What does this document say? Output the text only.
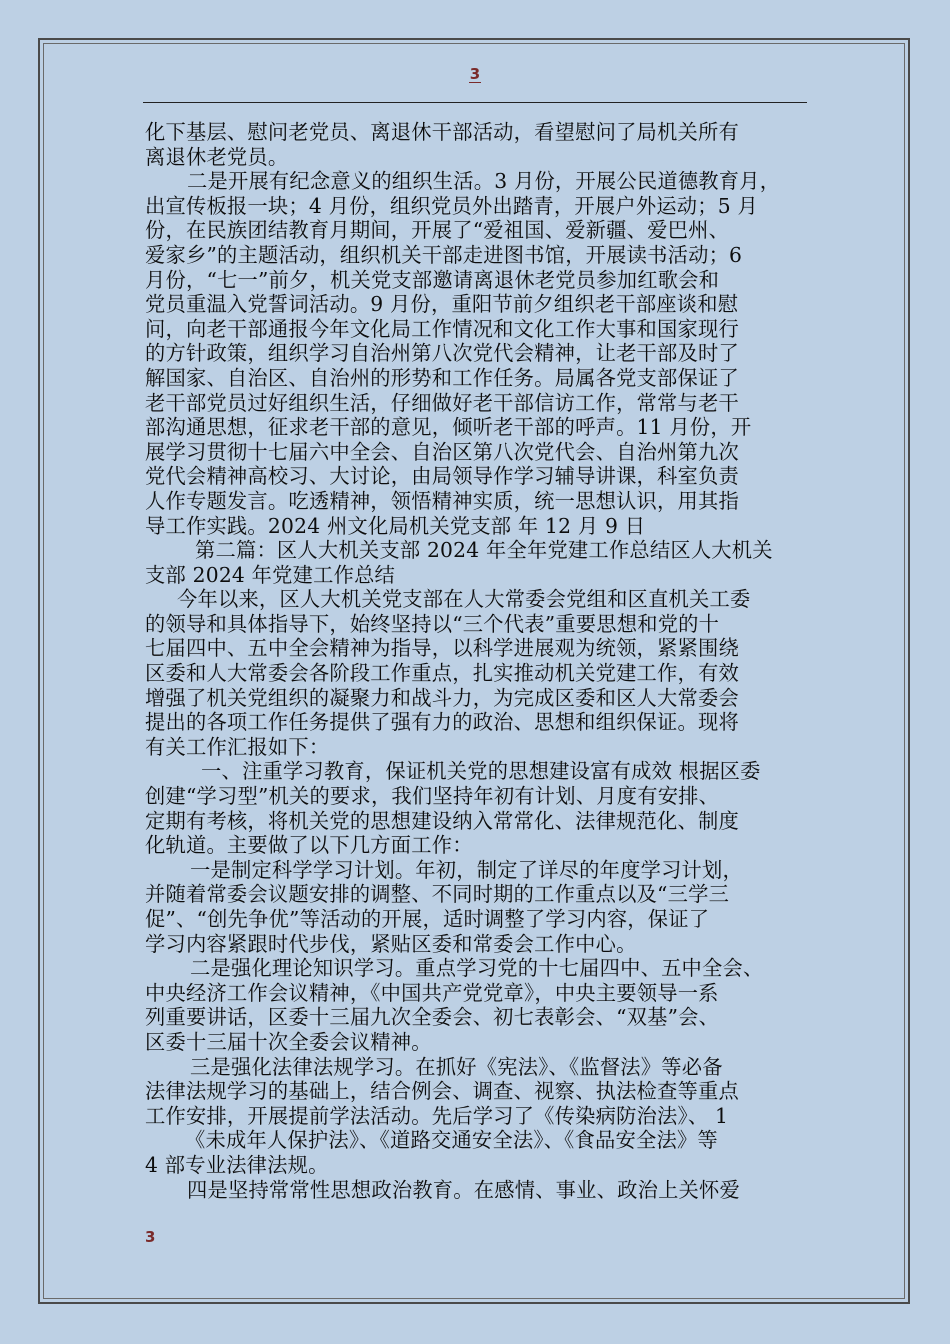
3
化下基层、慰问老党员、离退休干部活动，看望慰问了局机关所有
离退休老党员。
二是开展有纪念意义的组织生活。3 月份，开展公民道德教育月，
出宣传板报一块；4 月份，组织党员外出踏青，开展户外运动；5 月
份，在民族团结教育月期间，开展了“爱祖国、爱新疆、爱巴州、
爱家乡”的主题活动，组织机关干部走进图书馆，开展读书活动；6
月份，“七一”前夕，机关党支部邀请离退休老党员参加红歌会和
党员重温入党誓词活动。9 月份，重阳节前夕组织老干部座谈和慰
问，向老干部通报今年文化局工作情况和文化工作大事和国家现行
的方针政策，组织学习自治州第八次党代会精神，让老干部及时了
解国家、自治区、自治州的形势和工作任务。局属各党支部保证了
老干部党员过好组织生活，仔细做好老干部信访工作，常常与老干
部沟通思想，征求老干部的意见，倾听老干部的呼声。11 月份，开
展学习贯彻十七届六中全会、自治区第八次党代会、自治州第九次
党代会精神高校习、大讨论，由局领导作学习辅导讲课，科室负责
人作专题发言。吃透精神，领悟精神实质，统一思想认识，用其指
导工作实践。2024 州文化局机关党支部 年 12 月 9 日
第二篇：区人大机关支部 2024 年全年党建工作总结区人大机关
支部 2024 年党建工作总结
今年以来，区人大机关党支部在人大常委会党组和区直机关工委
的领导和具体指导下，始终坚持以“三个代表”重要思想和党的十
七届四中、五中全会精神为指导，以科学进展观为统领，紧紧围绕
区委和人大常委会各阶段工作重点，扎实推动机关党建工作，有效
增强了机关党组织的凝聚力和战斗力，为完成区委和区人大常委会
提出的各项工作任务提供了强有力的政治、思想和组织保证。现将
有关工作汇报如下：
一、注重学习教育，保证机关党的思想建设富有成效 根据区委
创建“学习型”机关的要求，我们坚持年初有计划、月度有安排、
定期有考核，将机关党的思想建设纳入常常化、法律规范化、制度
化轨道。主要做了以下几方面工作：
一是制定科学学习计划。年初，制定了详尽的年度学习计划，
并随着常委会议题安排的调整、不同时期的工作重点以及“三学三
促”、“创先争优”等活动的开展，适时调整了学习内容，保证了
学习内容紧跟时代步伐，紧贴区委和常委会工作中心。
二是强化理论知识学习。重点学习党的十七届四中、五中全会、
中央经济工作会议精神，《中国共产党党章》，中央主要领导一系
列重要讲话，区委十三届九次全委会、初七表彰会、“双基”会、
区委十三届十次全委会议精神。
三是强化法律法规学习。在抓好《宪法》、《监督法》等必备
法律法规学习的基础上，结合例会、调查、视察、执法检查等重点
工作安排，开展提前学法活动。先后学习了《传染病防治法》、 1
《未成年人保护法》、《道路交通安全法》、《食品安全法》等
4 部专业法律法规。
四是坚持常常性思想政治教育。在感情、事业、政治上关怀爱
3
